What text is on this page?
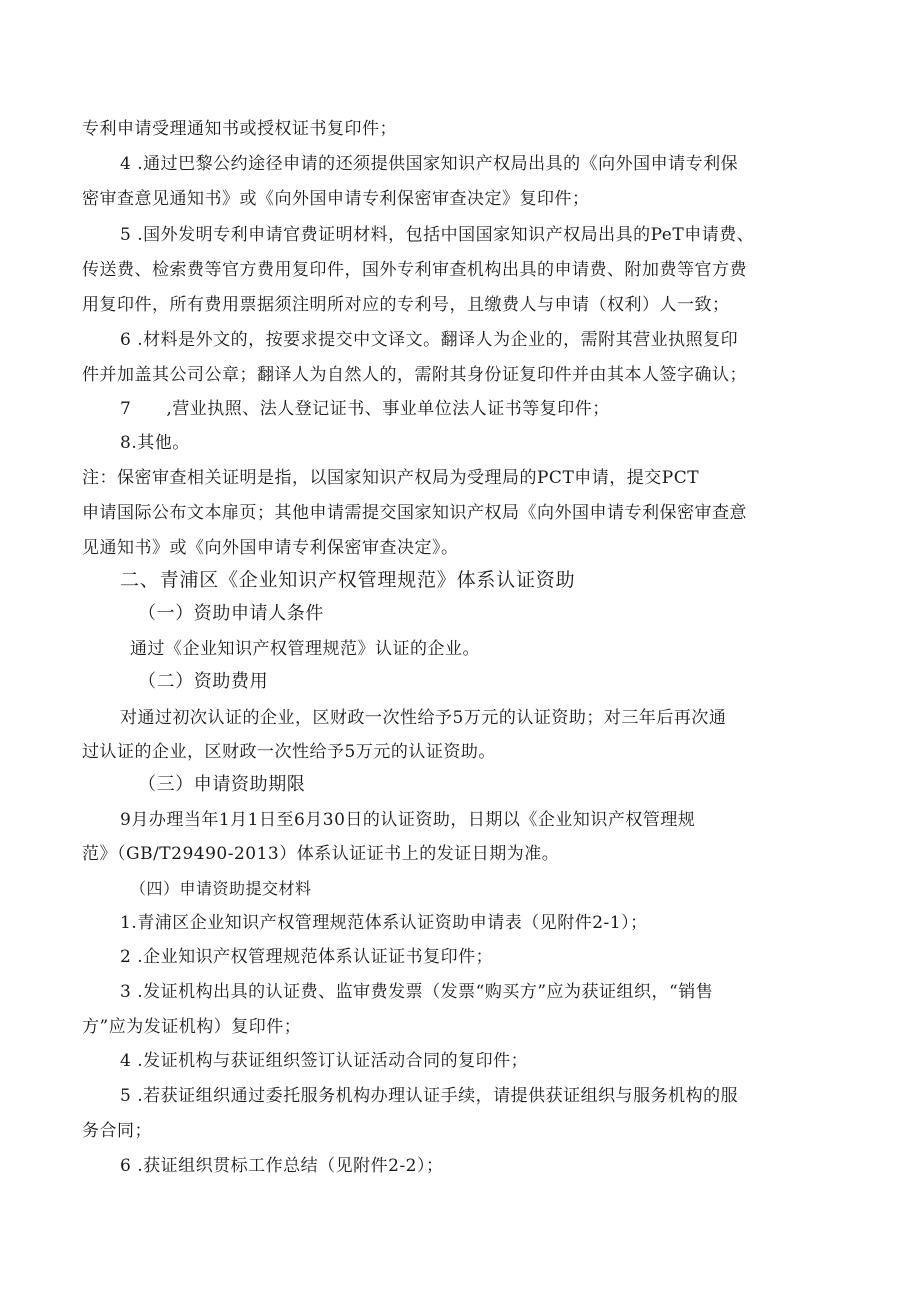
专利申请受理通知书或授权证书复印件；
4 .通过巴黎公约途径申请的还须提供国家知识产权局出具的《向外国申请专利保
密审查意见通知书》或《向外国申请专利保密审查决定》复印件；
5 .国外发明专利申请官费证明材料，包括中国国家知识产权局出具的PeT申请费、
传送费、检索费等官方费用复印件，国外专利审查机构出具的申请费、附加费等官方费
用复印件，所有费用票据须注明所对应的专利号，且缴费人与申请（权利）人一致；
6 .材料是外文的，按要求提交中文译文。翻译人为企业的，需附其营业执照复印
件并加盖其公司公章；翻译人为自然人的，需附其身份证复印件并由其本人签字确认；
7　　,营业执照、法人登记证书、事业单位法人证书等复印件；
8.其他。
注：保密审查相关证明是指，以国家知识产权局为受理局的PCT申请，提交PCT
申请国际公布文本扉页；其他申请需提交国家知识产权局《向外国申请专利保密审查意
见通知书》或《向外国申请专利保密审查决定》。
二、青浦区《企业知识产权管理规范》体系认证资助
（一）资助申请人条件
通过《企业知识产权管理规范》认证的企业。
（二）资助费用
对通过初次认证的企业，区财政一次性给予5万元的认证资助；对三年后再次通
过认证的企业，区财政一次性给予5万元的认证资助。
（三）申请资助期限
9月办理当年1月1日至6月30日的认证资助，日期以《企业知识产权管理规
范》（GB/T29490-2013）体系认证证书上的发证日期为准。
（四）申请资助提交材料
1.青浦区企业知识产权管理规范体系认证资助申请表（见附件2-1）；
2 .企业知识产权管理规范体系认证证书复印件；
3 .发证机构出具的认证费、监审费发票（发票“购买方”应为获证组织，“销售
方”应为发证机构）复印件；
4 .发证机构与获证组织签订认证活动合同的复印件；
5 .若获证组织通过委托服务机构办理认证手续，请提供获证组织与服务机构的服
务合同；
6 .获证组织贯标工作总结（见附件2-2）；
